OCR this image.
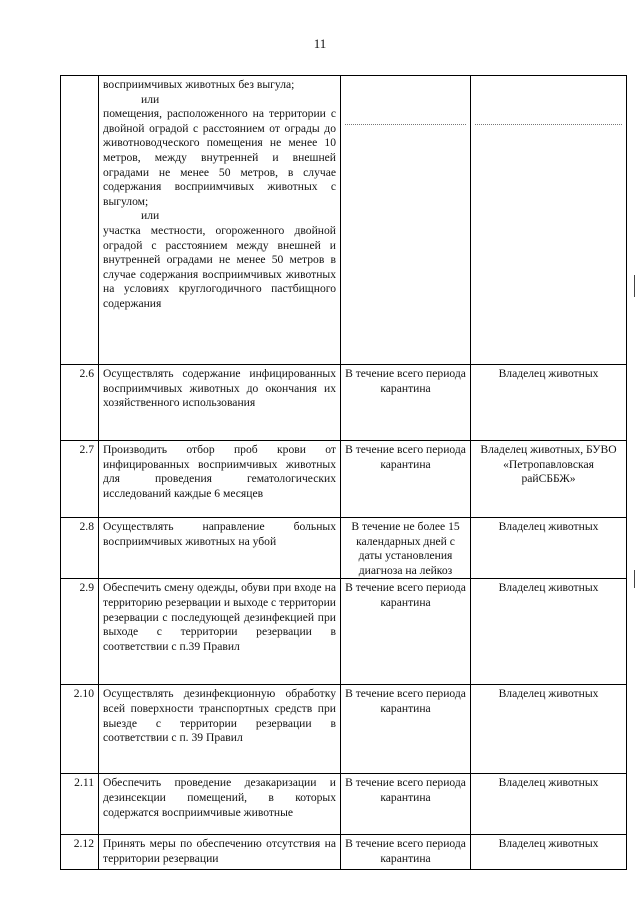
11

	восприимчивых животных без выгула;
или
помещения, расположенного на территории с двойной оградой с расстоянием от ограды до животноводческого помещения не менее 10 метров, между внутренней и внешней оградами не менее 50 метров, в случае содержания восприимчивых животных с выгулом;
или
участка местности, огороженного двойной оградой с расстоянием между внешней и внутренней оградами не менее 50 метров в случае содержания восприимчивых животных на условиях круглогодичного пастбищного содержания		

2.6	Осуществлять содержание инфицированных восприимчивых животных до окончания их хозяйственного использования	В течение всего периода карантина	Владелец животных
2.7	Производить отбор проб крови от инфицированных восприимчивых животных для проведения гематологических исследований каждые 6 месяцев	В течение всего периода карантина	Владелец животных, БУВО «Петропавловская райСББЖ»
2.8	Осуществлять направление больных восприимчивых животных на убой	В течение не более 15 календарных дней с даты установления диагноза на лейкоз	Владелец животных
2.9	Обеспечить смену одежды, обуви при входе на территорию резервации и выходе с территории резервации с последующей дезинфекцией при выходе с территории резервации в соответствии с п.39 Правил	В течение всего периода карантина	Владелец животных
2.10	Осуществлять дезинфекционную обработку всей поверхности транспортных средств при выезде с территории резервации в соответствии с п. 39 Правил	В течение всего периода карантина	Владелец животных
2.11	Обеспечить проведение дезакаризации и дезинсекции помещений, в которых содержатся восприимчивые животные	В течение всего периода карантина	Владелец животных
2.12	Принять меры по обеспечению отсутствия на территории резервации	В течение всего периода карантина	Владелец животных
